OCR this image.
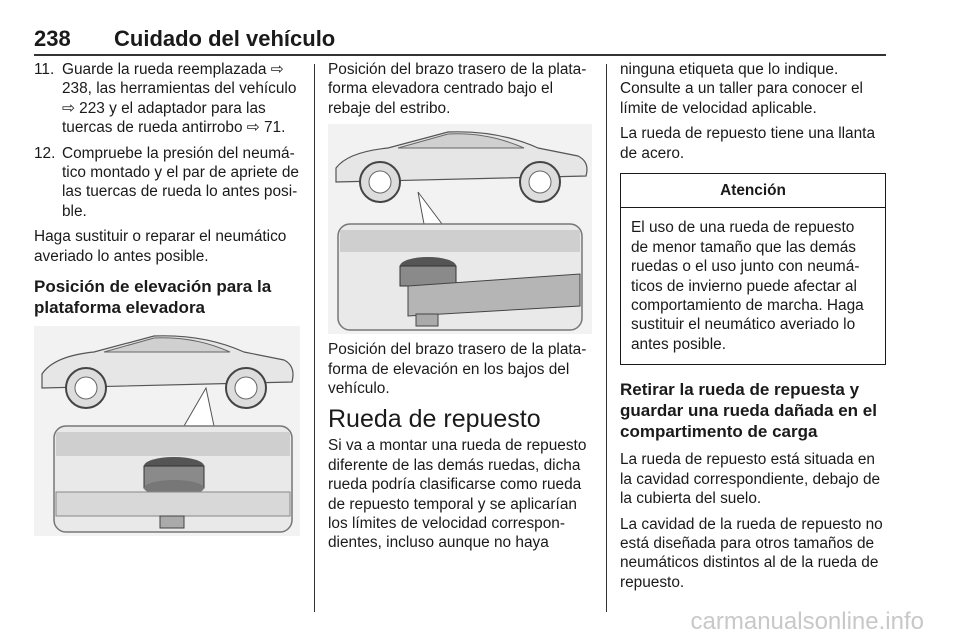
238 Cuidado del vehículo
11. Guarde la rueda reemplazada ⇨ 238, las herramientas del vehículo ⇨ 223 y el adaptador para las tuercas de rueda antirrobo ⇨ 71.
12. Compruebe la presión del neumático montado y el par de apriete de las tuercas de rueda lo antes posible.

Haga sustituir o reparar el neumático averiado lo antes posible.

Posición de elevación para la plataforma elevadora

Posición del brazo trasero de la plataforma elevadora centrado bajo el rebaje del estribo.

Posición del brazo trasero de la plataforma de elevación en los bajos del vehículo.

Rueda de repuesto

Si va a montar una rueda de repuesto diferente de las demás ruedas, dicha rueda podría clasificarse como rueda de repuesto temporal y se aplicarían los límites de velocidad correspondientes, incluso aunque no haya

ninguna etiqueta que lo indique. Consulte a un taller para conocer el límite de velocidad aplicable.

La rueda de repuesto tiene una llanta de acero.

Atención
El uso de una rueda de repuesto de menor tamaño que las demás ruedas o el uso junto con neumáticos de invierno puede afectar al comportamiento de marcha. Haga sustituir el neumático averiado lo antes posible.
Retirar la rueda de repuesta y guardar una rueda dañada en el compartimento de carga

La rueda de repuesto está situada en la cavidad correspondiente, debajo de la cubierta del suelo.

La cavidad de la rueda de repuesto no está diseñada para otros tamaños de neumáticos distintos al de la rueda de repuesto.

carmanualsonline.info
